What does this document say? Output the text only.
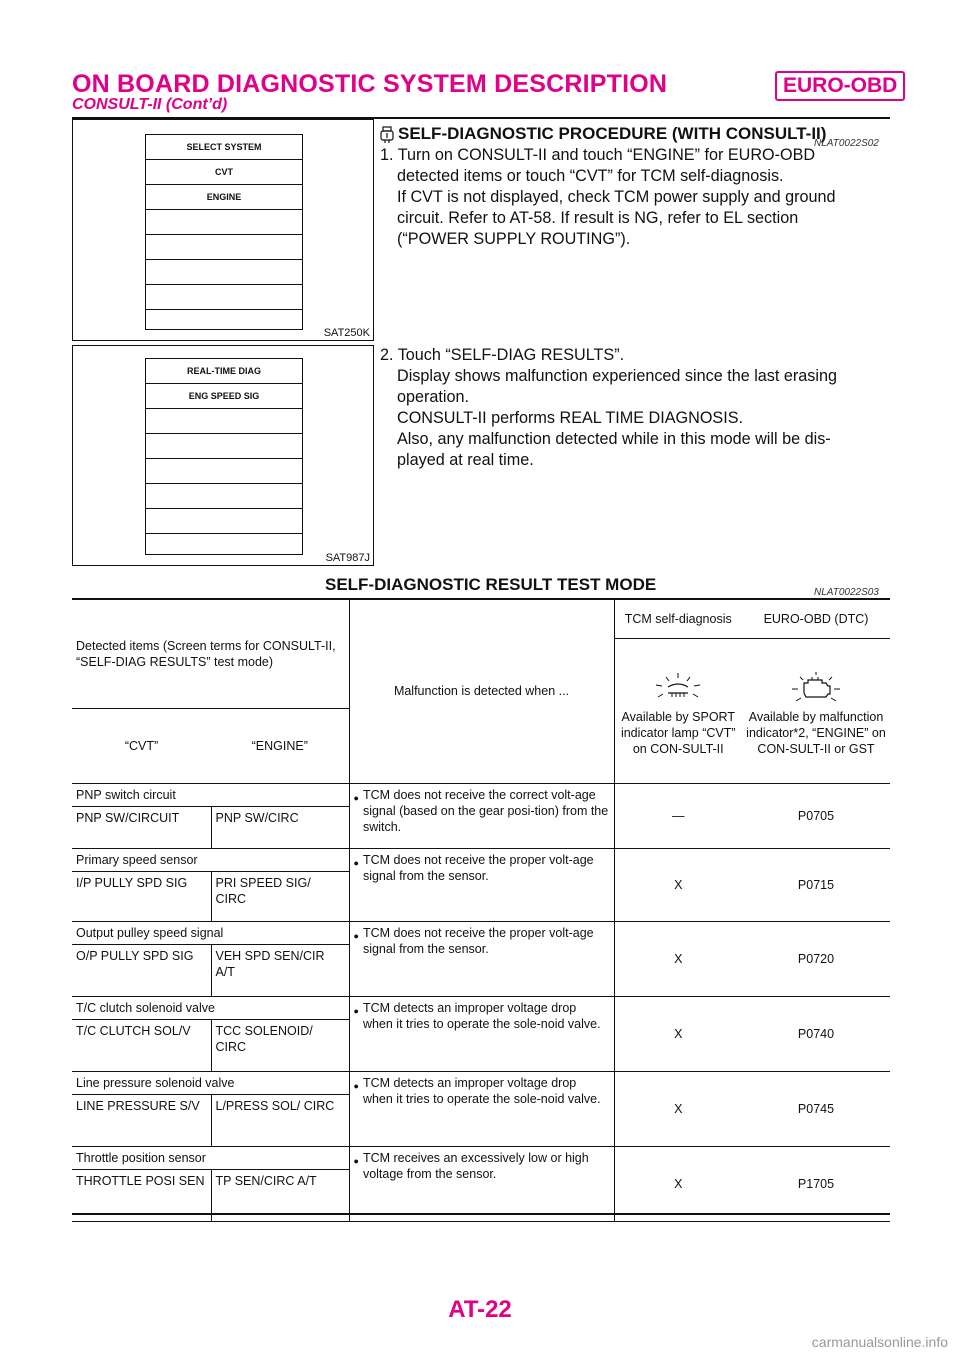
ON BOARD DIAGNOSTIC SYSTEM DESCRIPTION	EURO-OBD
CONSULT-II (Cont’d)
SELECT SYSTEM
CVT
ENGINE
SAT250K
REAL-TIME DIAG
ENG SPEED SIG
SAT987J
SELF-DIAGNOSTIC PROCEDURE (WITH CONSULT-II)
NLAT0022S02

1. Turn on CONSULT-II and touch “ENGINE” for EURO-OBD

detected items or touch “CVT” for TCM self-diagnosis.

If CVT is not displayed, check TCM power supply and ground

circuit. Refer to AT-58. If result is NG, refer to EL section

(“POWER SUPPLY ROUTING”).

2. Touch “SELF-DIAG RESULTS”.

Display shows malfunction experienced since the last erasing

operation.

CONSULT-II performs REAL TIME DIAGNOSIS.

Also, any malfunction detected while in this mode will be dis-

played at real time.

SELF-DIAGNOSTIC RESULT TEST MODE	NLAT0022S03
Detected items (Screen terms for CONSULT-II, “SELF-DIAG RESULTS” test mode)		Malfunction is detected when ...	TCM self-diagnosis	EURO-OBD (DTC)

			Available by SPORT indicator lamp “CVT” on CON-SULT-II	Available by malfunction indicator*2, “ENGINE” on CON-SULT-II or GST

“CVT”	“ENGINE”			
PNP switch circuit		● TCM does not receive the correct volt-age signal (based on the gear posi-tion) from the switch.	—	P0705
PNP SW/CIRCUIT	PNP SW/CIRC			
Primary speed sensor		● TCM does not receive the proper volt-age signal from the sensor.	X	P0715
I/P PULLY SPD SIG	PRI SPEED SIG/ CIRC			
Output pulley speed signal		● TCM does not receive the proper volt-age signal from the sensor.	X	P0720
O/P PULLY SPD SIG	VEH SPD SEN/CIR A/T			
T/C clutch solenoid valve		● TCM detects an improper voltage drop when it tries to operate the sole-noid valve.	X	P0740
T/C CLUTCH SOL/V	TCC SOLENOID/ CIRC			
Line pressure solenoid valve		● TCM detects an improper voltage drop when it tries to operate the sole-noid valve.	X	P0745
LINE PRESSURE S/V	L/PRESS SOL/ CIRC			
Throttle position sensor		● TCM receives an excessively low or high voltage from the sensor.	X	P1705
THROTTLE POSI SEN	TP SEN/CIRC A/T			
AT-22
carmanualsonline.info
